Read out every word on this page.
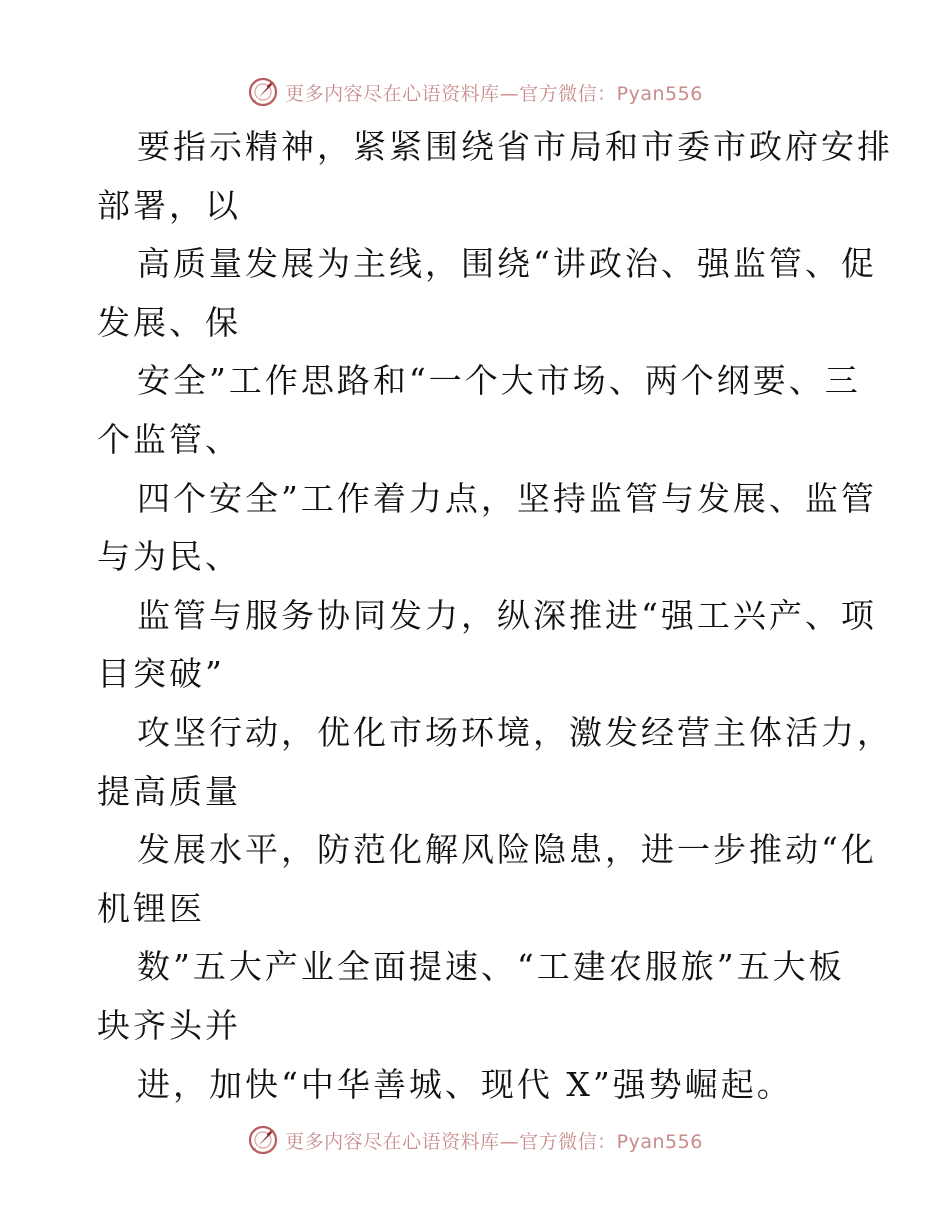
更多内容尽在心语资料库—官方微信：Pyan556
要指示精神，紧紧围绕省市局和市委市政府安排
部署，以
高质量发展为主线，围绕“讲政治、强监管、促
发展、保
安全”工作思路和“一个大市场、两个纲要、三
个监管、
四个安全”工作着力点，坚持监管与发展、监管
与为民、
监管与服务协同发力，纵深推进“强工兴产、项
目突破”
攻坚行动，优化市场环境，激发经营主体活力，
提高质量
发展水平，防范化解风险隐患，进一步推动“化
机锂医
数”五大产业全面提速、“工建农服旅”五大板
块齐头并
进，加快“中华善城、现代 X”强势崛起。
更多内容尽在心语资料库—官方微信：Pyan556
